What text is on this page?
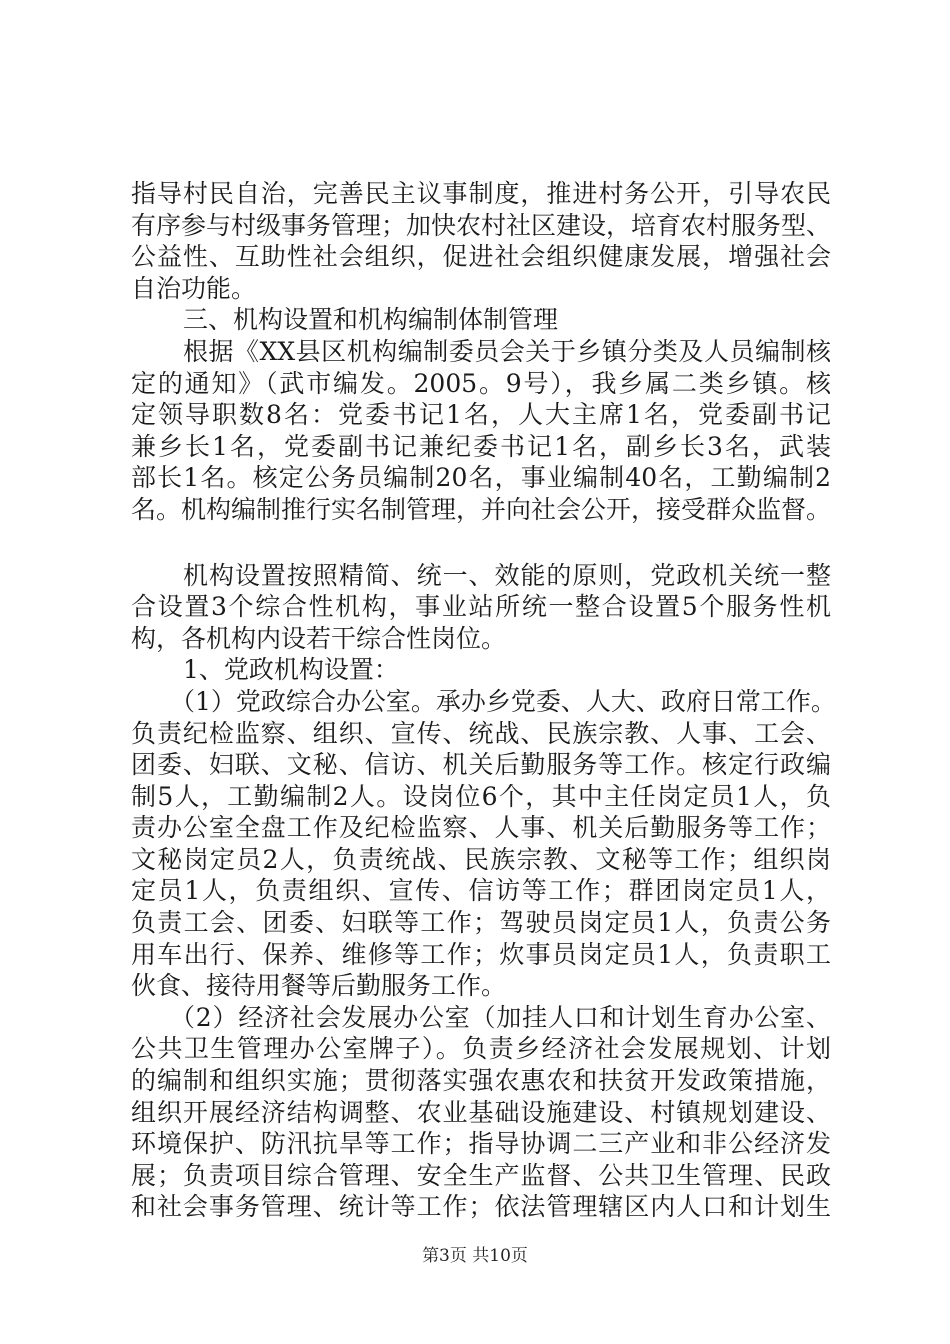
指导村民自治，完善民主议事制度，推进村务公开，引导农民
有序参与村级事务管理；加快农村社区建设，培育农村服务型、
公益性、互助性社会组织，促进社会组织健康发展，增强社会
自治功能。
三、机构设置和机构编制体制管理
根据《XX县区机构编制委员会关于乡镇分类及人员编制核
定的通知》（武市编发。2005。9号），我乡属二类乡镇。核
定领导职数8名：党委书记1名，人大主席1名，党委副书记
兼乡长1名，党委副书记兼纪委书记1名，副乡长3名，武装
部长1名。核定公务员编制20名，事业编制40名，工勤编制2
名。机构编制推行实名制管理，并向社会公开，接受群众监督。
机构设置按照精简、统一、效能的原则，党政机关统一整
合设置3个综合性机构，事业站所统一整合设置5个服务性机
构，各机构内设若干综合性岗位。
1、党政机构设置：
（1）党政综合办公室。承办乡党委、人大、政府日常工作。
负责纪检监察、组织、宣传、统战、民族宗教、人事、工会、
团委、妇联、文秘、信访、机关后勤服务等工作。核定行政编
制5人，工勤编制2人。设岗位6个，其中主任岗定员1人，负
责办公室全盘工作及纪检监察、人事、机关后勤服务等工作；
文秘岗定员2人，负责统战、民族宗教、文秘等工作；组织岗
定员1人，负责组织、宣传、信访等工作；群团岗定员1人，
负责工会、团委、妇联等工作；驾驶员岗定员1人，负责公务
用车出行、保养、维修等工作；炊事员岗定员1人，负责职工
伙食、接待用餐等后勤服务工作。
（2）经济社会发展办公室（加挂人口和计划生育办公室、
公共卫生管理办公室牌子）。负责乡经济社会发展规划、计划
的编制和组织实施；贯彻落实强农惠农和扶贫开发政策措施，
组织开展经济结构调整、农业基础设施建设、村镇规划建设、
环境保护、防汛抗旱等工作；指导协调二三产业和非公经济发
展；负责项目综合管理、安全生产监督、公共卫生管理、民政
和社会事务管理、统计等工作；依法管理辖区内人口和计划生
第3页 共10页
